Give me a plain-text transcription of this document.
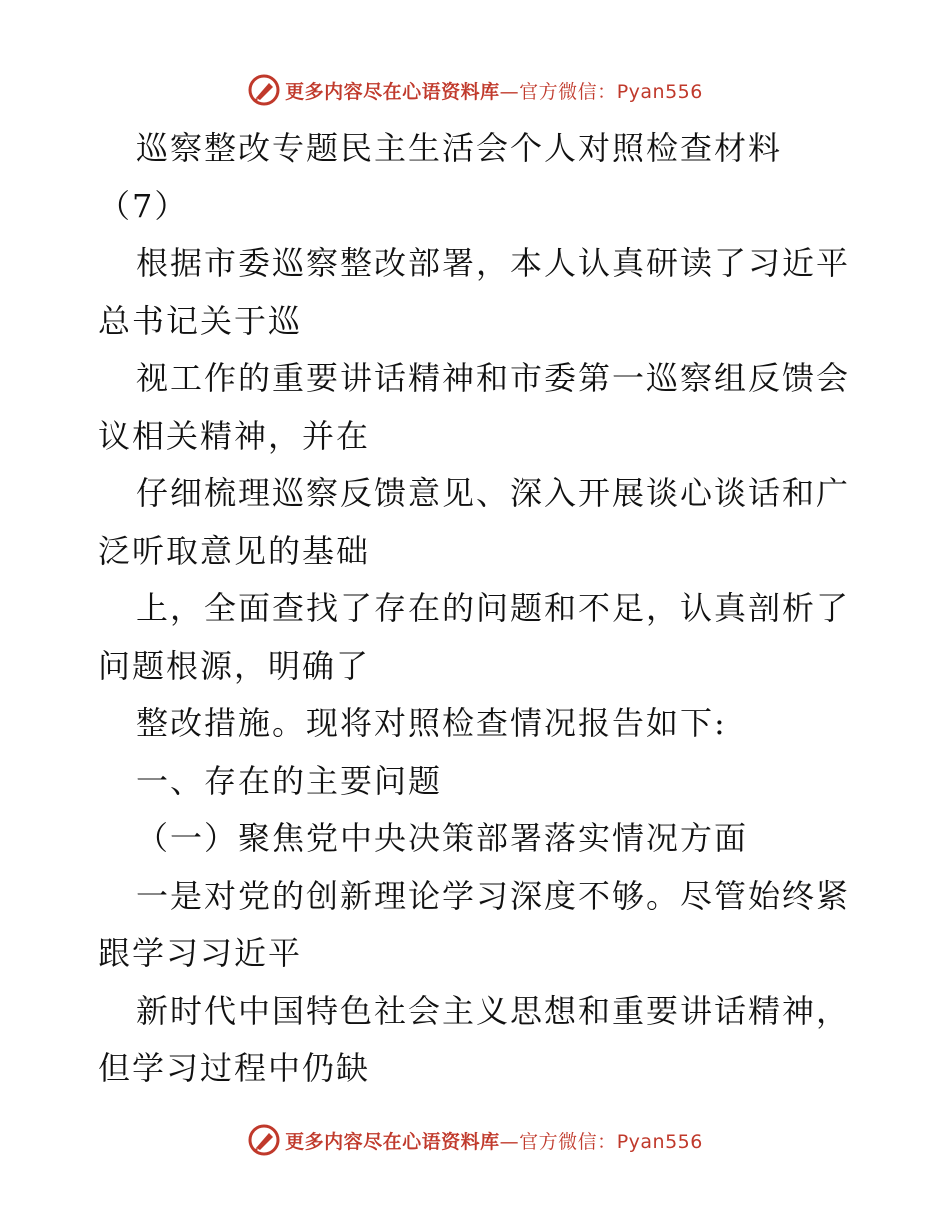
更多内容尽在心语资料库—官方微信：Pyan556
巡察整改专题民主生活会个人对照检查材料
（7）
根据市委巡察整改部署，本人认真研读了习近平
总书记关于巡
视工作的重要讲话精神和市委第一巡察组反馈会
议相关精神，并在
仔细梳理巡察反馈意见、深入开展谈心谈话和广
泛听取意见的基础
上，全面查找了存在的问题和不足，认真剖析了
问题根源，明确了
整改措施。现将对照检查情况报告如下:
一、存在的主要问题
（一）聚焦党中央决策部署落实情况方面
一是对党的创新理论学习深度不够。尽管始终紧
跟学习习近平
新时代中国特色社会主义思想和重要讲话精神，
但学习过程中仍缺
更多内容尽在心语资料库—官方微信：Pyan556
